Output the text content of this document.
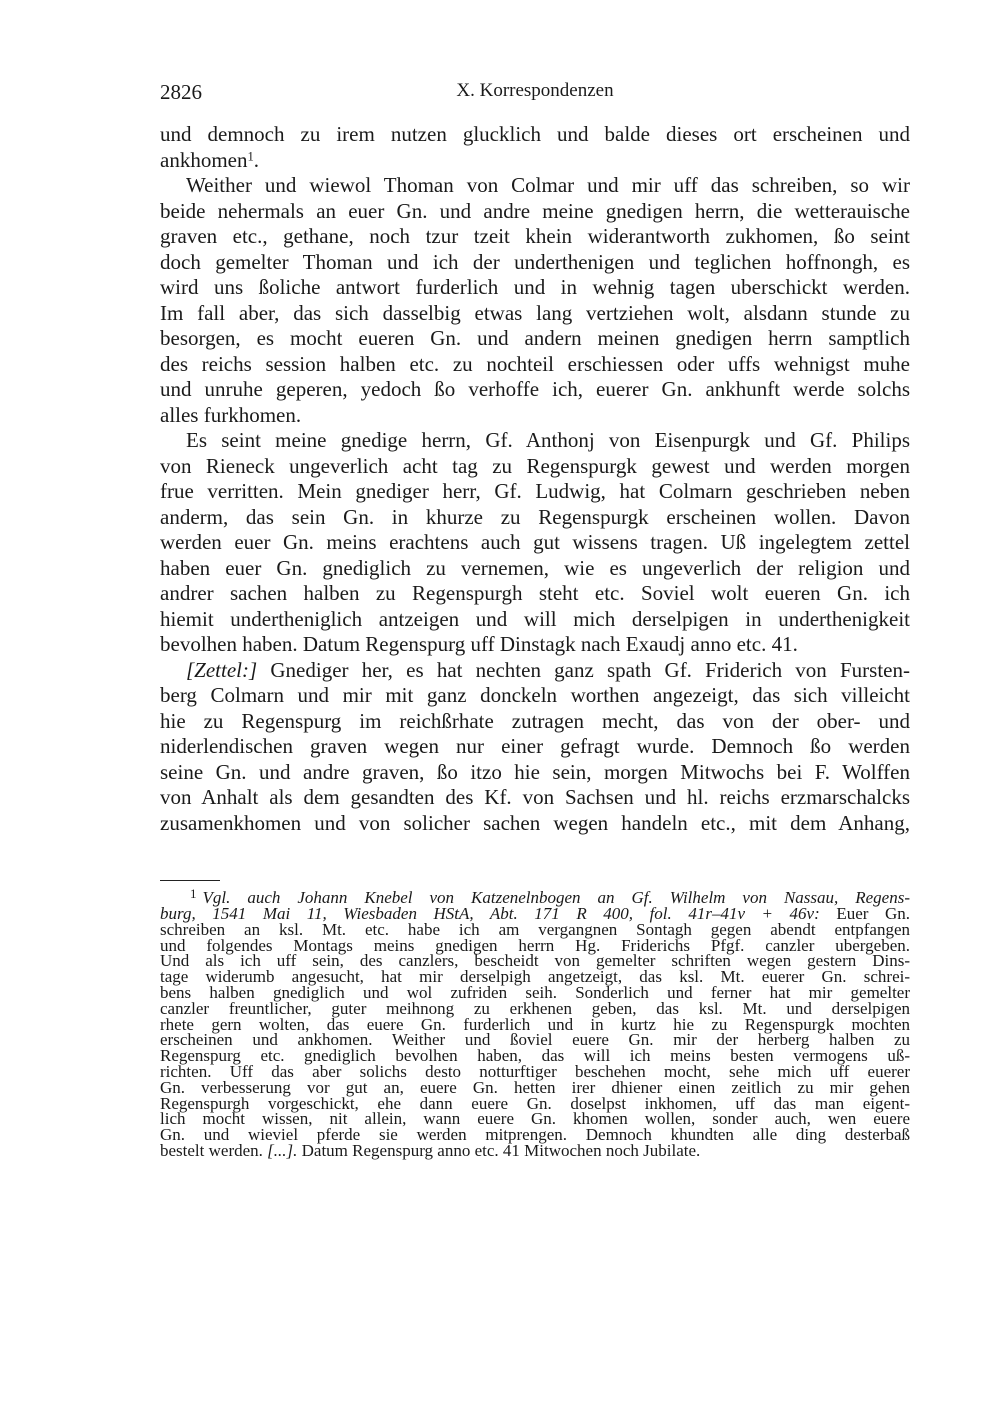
2826	X. Korrespondenzen
und demnoch zu irem nutzen glucklich und balde dieses ort erscheinen und
ankhomen$^1$.
Weither und wiewol Thoman von Colmar und mir uff das schreiben, so wir
beide nehermals an euer Gn. und andre meine gnedigen herrn, die wetterauische
graven etc., gethane, noch tzur tzeit khein widerantworth zukhomen, ßo seint
doch gemelter Thoman und ich der underthenigen und teglichen hoffnongh, es
wird uns ßoliche antwort furderlich und in wehnig tagen uberschickt werden.
Im fall aber, das sich dasselbig etwas lang vertziehen wolt, alsdann stunde zu
besorgen, es mocht eueren Gn. und andern meinen gnedigen herrn samptlich
des reichs session halben etc. zu nochteil erschiessen oder uffs wehnigst muhe
und unruhe geperen, yedoch ßo verhoffe ich, euerer Gn. ankhunft werde solchs
alles furkhomen.
Es seint meine gnedige herrn, Gf. Anthonj von Eisenpurgk und Gf. Philips
von Rieneck ungeverlich acht tag zu Regenspurgk gewest und werden morgen
frue verritten. Mein gnediger herr, Gf. Ludwig, hat Colmarn geschrieben neben
anderm, das sein Gn. in khurze zu Regenspurgk erscheinen wollen. Davon
werden euer Gn. meins erachtens auch gut wissens tragen. Uß ingelegtem zettel
haben euer Gn. gnediglich zu vernemen, wie es ungeverlich der religion und
andrer sachen halben zu Regenspurgh steht etc. Soviel wolt eueren Gn. ich
hiemit undertheniglich antzeigen und will mich derselpigen in underthenigkeit
bevolhen haben. Datum Regenspurg uff Dinstagk nach Exaudj anno etc. 41.
[Zettel:] Gnediger her, es hat nechten ganz spath Gf. Friderich von Fursten-
berg Colmarn und mir mit ganz donckeln worthen angezeigt, das sich villeicht
hie zu Regenspurg im reichßrhate zutragen mecht, das von der ober- und
niderlendischen graven wegen nur einer gefragt wurde. Demnoch ßo werden
seine Gn. und andre graven, ßo itzo hie sein, morgen Mitwochs bei F. Wolffen
von Anhalt als dem gesandten des Kf. von Sachsen und hl. reichs erzmarschalcks
zusamenkhomen und von solicher sachen wegen handeln etc., mit dem Anhang,
$^1$ Vgl. auch Johann Knebel von Katzenelnbogen an Gf. Wilhelm von Nassau, Regens-
burg, 1541 Mai 11, Wiesbaden HStA, Abt. 171 R 400, fol. 41r–41v + 46v: Euer Gn.
schreiben an ksl. Mt. etc. habe ich am vergangnen Sontagh gegen abendt entpfangen
und folgendes Montags meins gnedigen herrn Hg. Friderichs Pfgf. canzler ubergeben.
Und als ich uff sein, des canzlers, bescheidt von gemelter schriften wegen gestern Dins-
tage widerumb angesucht, hat mir derselpigh angetzeigt, das ksl. Mt. euerer Gn. schrei-
bens halben gnediglich und wol zufriden seih. Sonderlich und ferner hat mir gemelter
canzler freuntlicher, guter meihnong zu erkhenen geben, das ksl. Mt. und derselpigen
rhete gern wolten, das euere Gn. furderlich und in kurtz hie zu Regenspurgk mochten
erscheinen und ankhomen. Weither und ßoviel euere Gn. mir der herberg halben zu
Regenspurg etc. gnediglich bevolhen haben, das will ich meins besten vermogens uß-
richten. Uff das aber solichs desto notturftiger beschehen mocht, sehe mich uff euerer
Gn. verbesserung vor gut an, euere Gn. hetten irer dhiener einen zeitlich zu mir gehen
Regenspurgh vorgeschickt, ehe dann euere Gn. doselpst inkhomen, uff das man eigent-
lich mocht wissen, nit allein, wann euere Gn. khomen wollen, sonder auch, wen euere
Gn. und wieviel pferde sie werden mitprengen. Demnoch khundten alle ding desterbaß
bestelt werden. [...]. Datum Regenspurg anno etc. 41 Mitwochen noch Jubilate.
